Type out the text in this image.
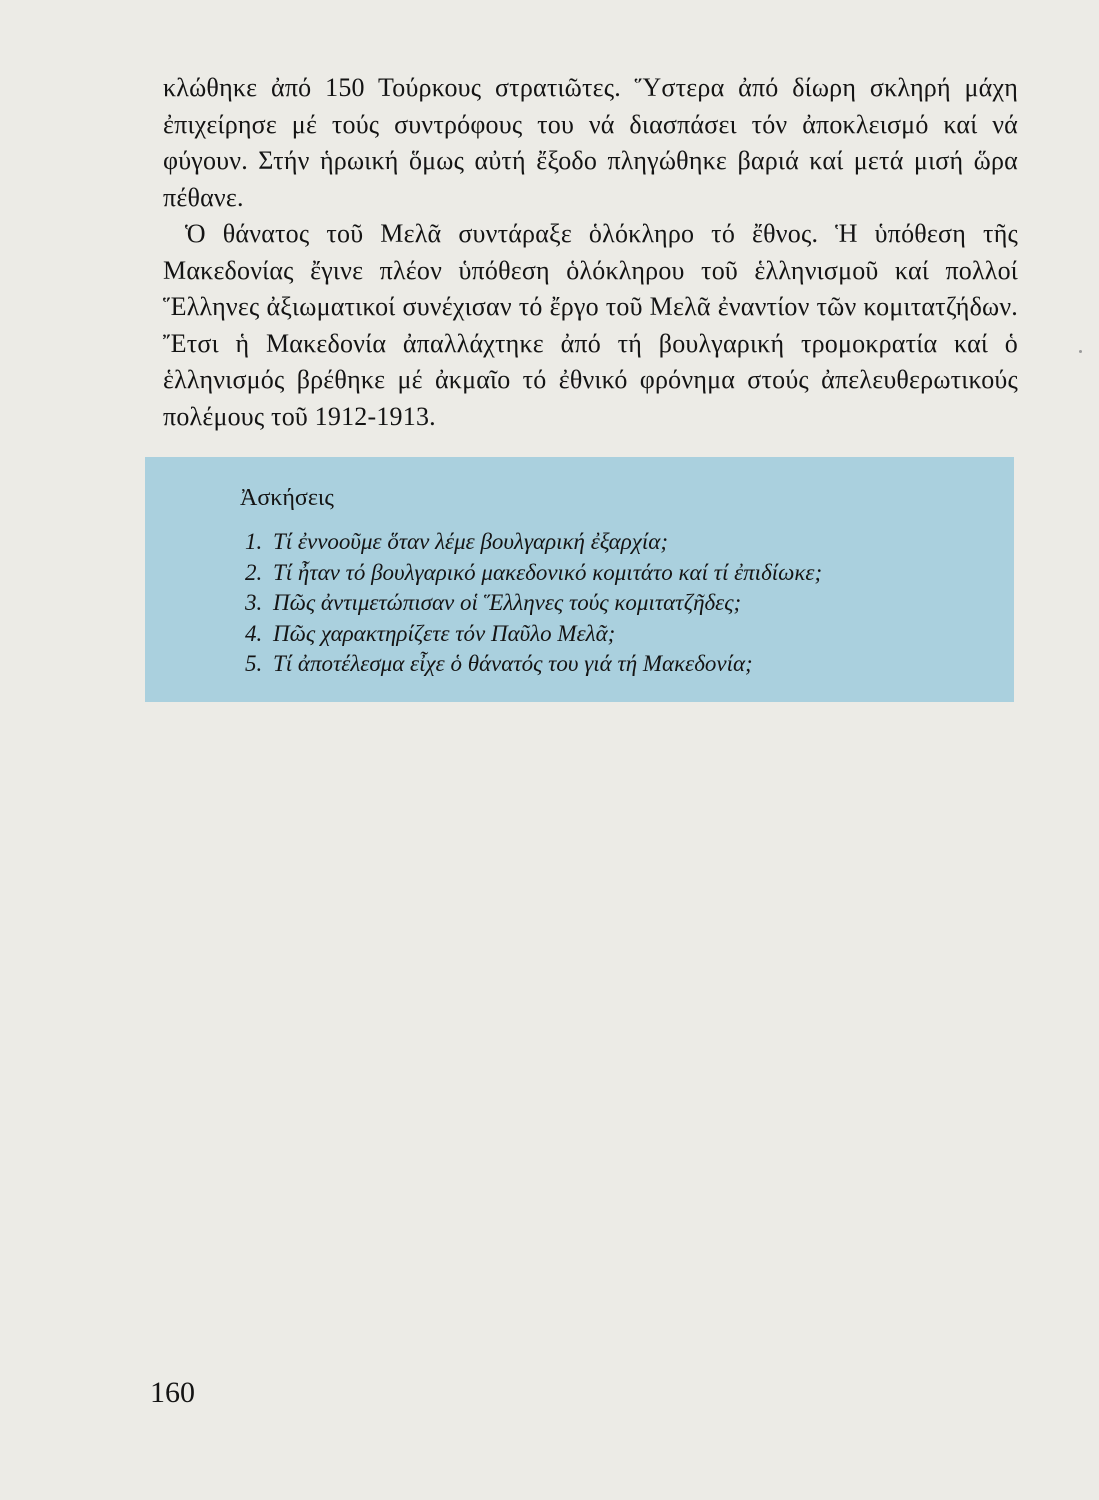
κλώθηκε ἀπό 150 Τούρκους στρατιῶτες. Ὕστερα ἀπό δίωρη σκληρή μάχη ἐπιχείρησε μέ τούς συντρόφους του νά διασπάσει τόν ἀποκλεισμό καί νά φύγουν. Στήν ἡρωική ὅμως αὐτή ἔξοδο πληγώθηκε βαριά καί μετά μισή ὥρα πέθανε.

Ὁ θάνατος τοῦ Μελᾶ συντάραξε ὁλόκληρο τό ἔθνος. Ἡ ὑπόθεση τῆς Μακεδονίας ἔγινε πλέον ὑπόθεση ὁλόκληρου τοῦ ἑλληνισμοῦ καί πολλοί Ἕλληνες ἀξιωματικοί συνέχισαν τό ἔργο τοῦ Μελᾶ ἐναντίον τῶν κομιτατζήδων. Ἔτσι ἡ Μακεδονία ἀπαλλάχτηκε ἀπό τή βουλγαρική τρομοκρατία καί ὁ ἑλληνισμός βρέθηκε μέ ἀκμαῖο τό ἐθνικό φρόνημα στούς ἀπελευθερωτικούς πολέμους τοῦ 1912-1913.

Ἀσκήσεις
1. Τί ἐννοοῦμε ὅταν λέμε βουλγαρική ἐξαρχία;
2. Τί ἦταν τό βουλγαρικό μακεδονικό κομιτάτο καί τί ἐπιδίωκε;
3. Πῶς ἀντιμετώπισαν οἱ Ἕλληνες τούς κομιτατζῆδες;
4. Πῶς χαρακτηρίζετε τόν Παῦλο Μελᾶ;
5. Τί ἀποτέλεσμα εἶχε ὁ θάνατός του γιά τή Μακεδονία;

160
